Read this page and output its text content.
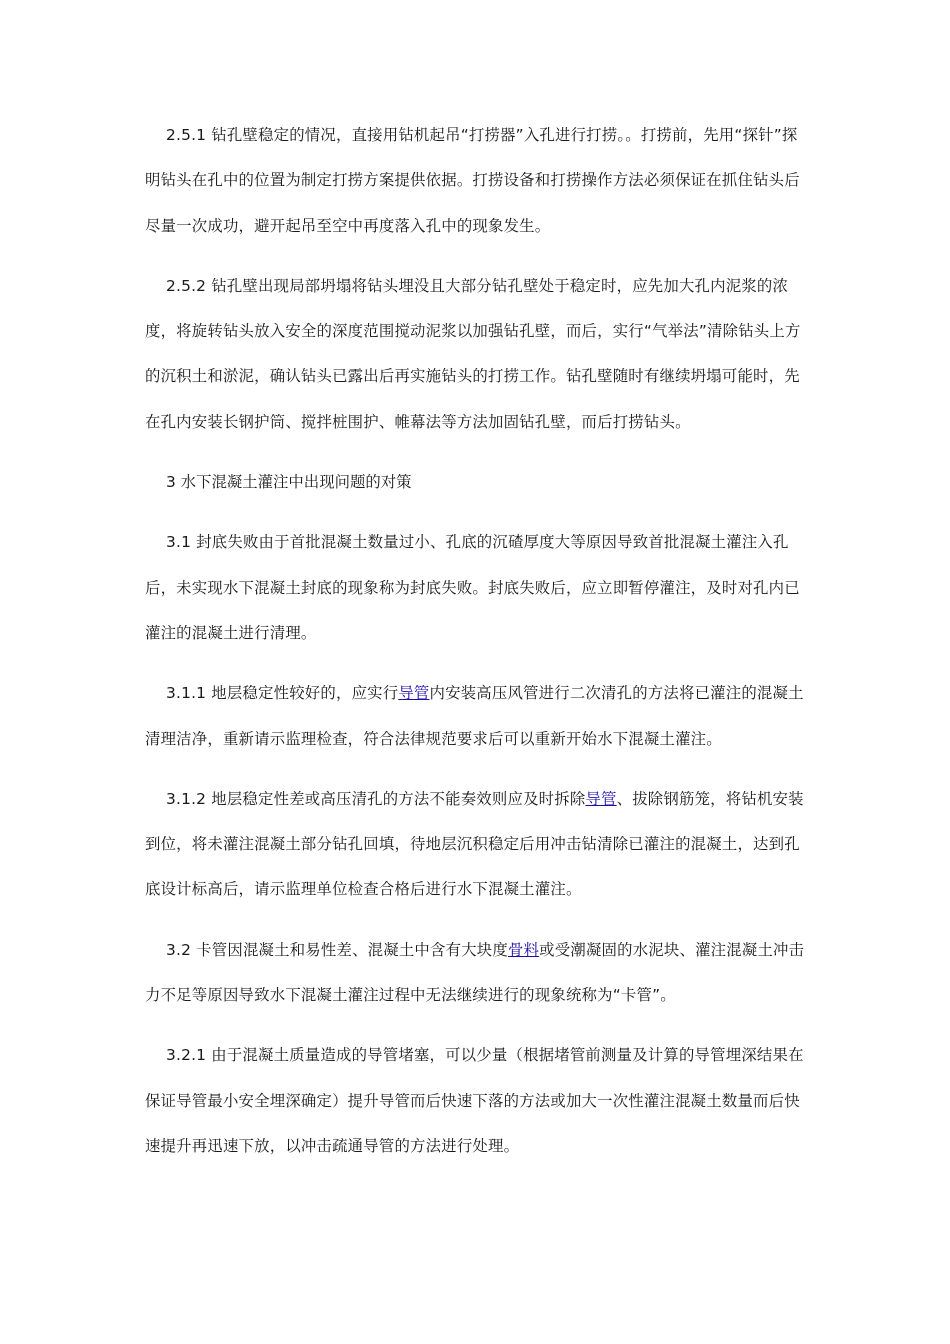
2.5.1 钻孔壁稳定的情况，直接用钻机起吊“打捞器”入孔进行打捞。。打捞前，先用“探针”探明钻头在孔中的位置为制定打捞方案提供依据。打捞设备和打捞操作方法必须保证在抓住钻头后尽量一次成功，避开起吊至空中再度落入孔中的现象发生。

2.5.2 钻孔壁出现局部坍塌将钻头埋没且大部分钻孔壁处于稳定时，应先加大孔内泥浆的浓度，将旋转钻头放入安全的深度范围搅动泥浆以加强钻孔壁，而后，实行“气举法”清除钻头上方的沉积土和淤泥，确认钻头已露出后再实施钻头的打捞工作。钻孔壁随时有继续坍塌可能时，先在孔内安装长钢护筒、搅拌桩围护、帷幕法等方法加固钻孔壁，而后打捞钻头。

3 水下混凝土灌注中出现问题的对策

3.1 封底失败由于首批混凝土数量过小、孔底的沉碴厚度大等原因导致首批混凝土灌注入孔后，未实现水下混凝土封底的现象称为封底失败。封底失败后，应立即暂停灌注，及时对孔内已灌注的混凝土进行清理。

3.1.1 地层稳定性较好的，应实行导管内安装高压风管进行二次清孔的方法将已灌注的混凝土清理洁净，重新请示监理检查，符合法律规范要求后可以重新开始水下混凝土灌注。

3.1.2 地层稳定性差或高压清孔的方法不能奏效则应及时拆除导管、拔除钢筋笼，将钻机安装到位，将未灌注混凝土部分钻孔回填，待地层沉积稳定后用冲击钻清除已灌注的混凝土，达到孔底设计标高后，请示监理单位检查合格后进行水下混凝土灌注。

3.2 卡管因混凝土和易性差、混凝土中含有大块度骨料或受潮凝固的水泥块、灌注混凝土冲击力不足等原因导致水下混凝土灌注过程中无法继续进行的现象统称为“卡管”。

3.2.1 由于混凝土质量造成的导管堵塞，可以少量（根据堵管前测量及计算的导管埋深结果在保证导管最小安全埋深确定）提升导管而后快速下落的方法或加大一次性灌注混凝土数量而后快速提升再迅速下放，以冲击疏通导管的方法进行处理。
